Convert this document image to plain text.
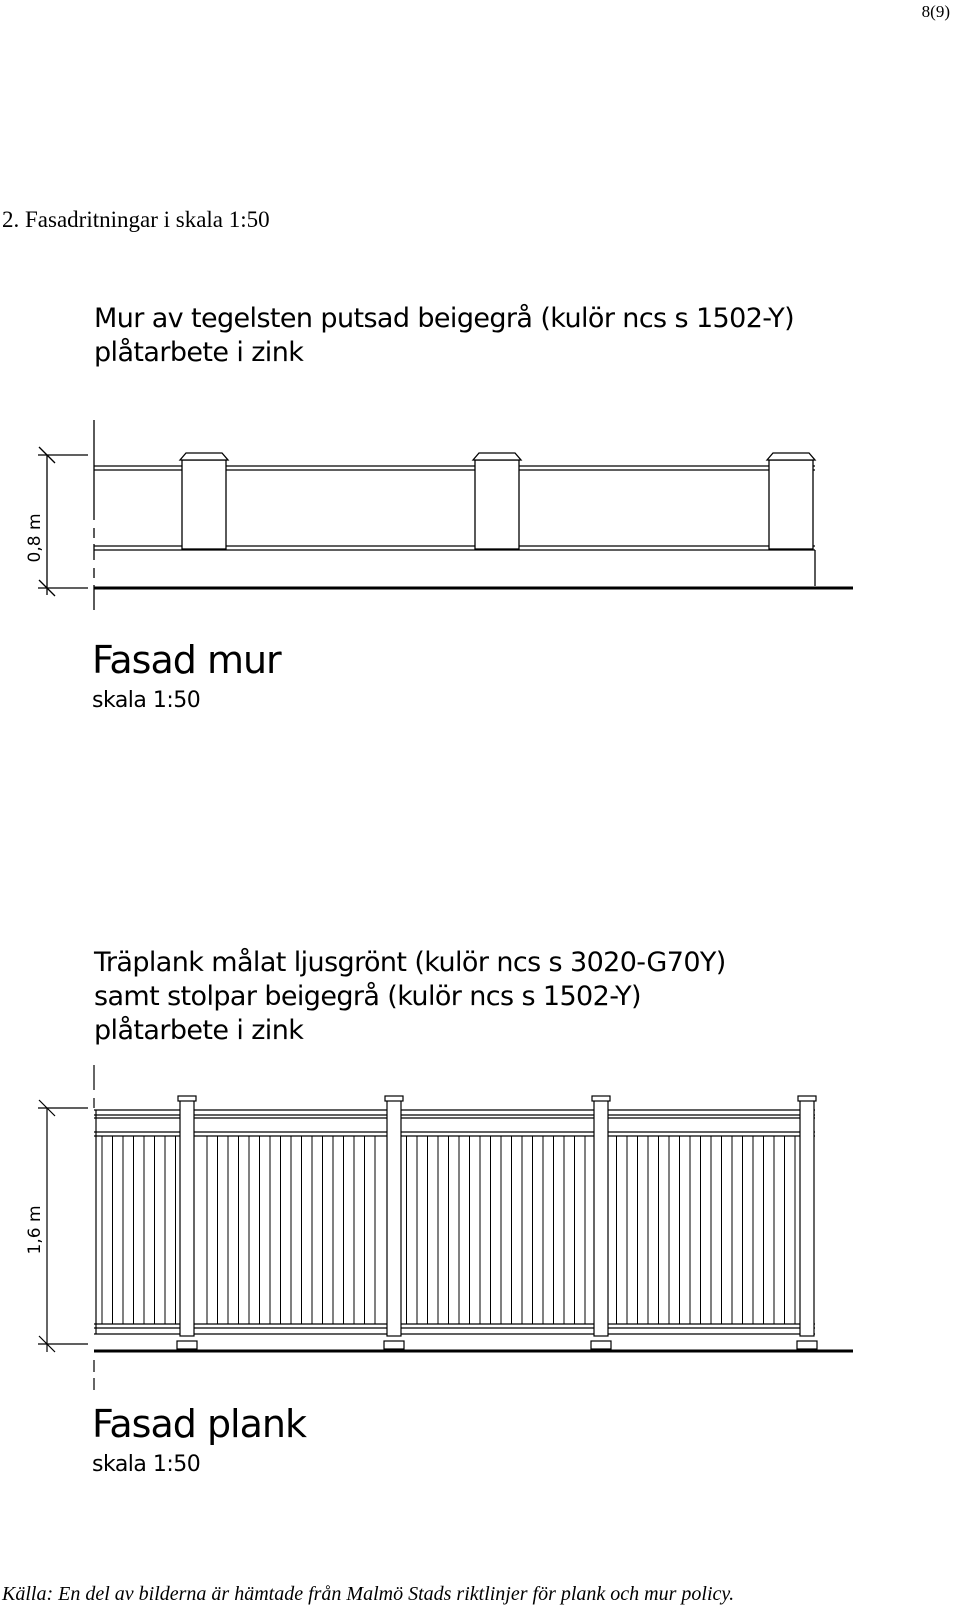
8(9)
2. Fasadritningar i skala 1:50
Mur av tegelsten putsad beigegrå (kulör ncs s 1502-Y)
plåtarbete i zink
0,8 m
Fasad mur
skala 1:50
Träplank målat ljusgrönt (kulör ncs s 3020-G70Y)
samt stolpar beigegrå (kulör ncs s 1502-Y)
plåtarbete i zink
1,6 m
Fasad plank
skala 1:50
Källa: En del av bilderna är hämtade från Malmö Stads riktlinjer för plank och mur policy.
